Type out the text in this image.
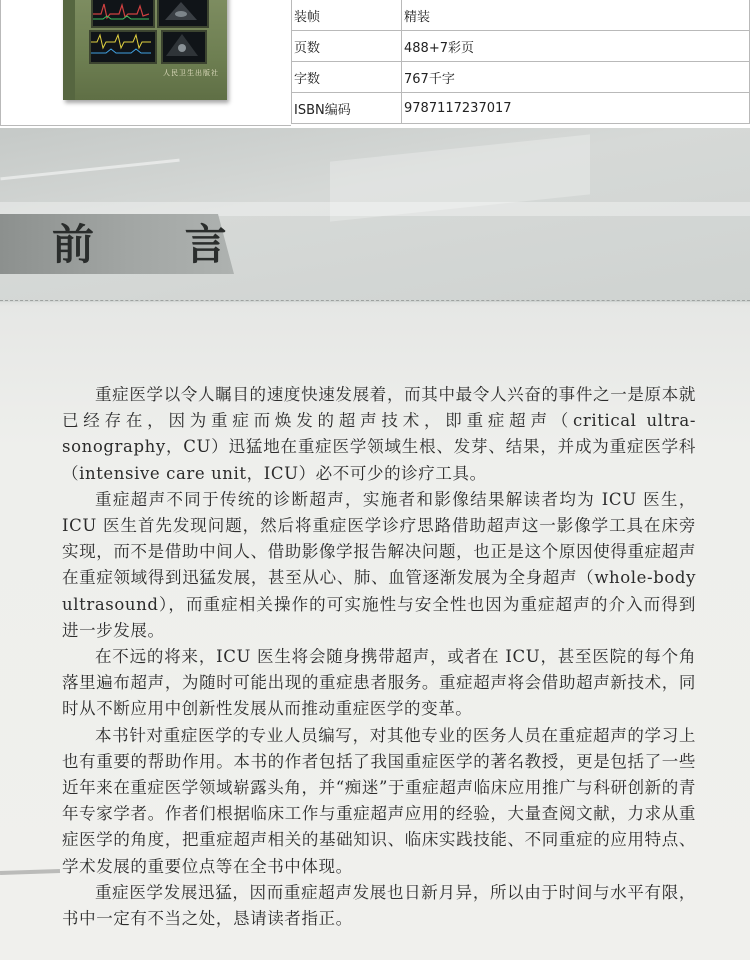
人民卫生出版社
装帧	精装
页数	488+7彩页
字数	767千字
ISBN编码	9787117237017
前 言

重症医学以令人瞩目的速度快速发展着，而其中最令人兴奋的事件之一是原本就已经存在，因为重症而焕发的超声技术，即重症超声（critical ultra-sonography，CU）迅猛地在重症医学领域生根、发芽、结果，并成为重症医学科（intensive care unit，ICU）必不可少的诊疗工具。

重症超声不同于传统的诊断超声，实施者和影像结果解读者均为 ICU 医生，ICU 医生首先发现问题，然后将重症医学诊疗思路借助超声这一影像学工具在床旁实现，而不是借助中间人、借助影像学报告解决问题，也正是这个原因使得重症超声在重症领域得到迅猛发展，甚至从心、肺、血管逐渐发展为全身超声（whole-body ultrasound），而重症相关操作的可实施性与安全性也因为重症超声的介入而得到进一步发展。

在不远的将来，ICU 医生将会随身携带超声，或者在 ICU，甚至医院的每个角落里遍布超声，为随时可能出现的重症患者服务。重症超声将会借助超声新技术，同时从不断应用中创新性发展从而推动重症医学的变革。

本书针对重症医学的专业人员编写，对其他专业的医务人员在重症超声的学习上也有重要的帮助作用。本书的作者包括了我国重症医学的著名教授，更是包括了一些近年来在重症医学领域崭露头角，并“痴迷”于重症超声临床应用推广与科研创新的青年专家学者。作者们根据临床工作与重症超声应用的经验，大量查阅文献，力求从重症医学的角度，把重症超声相关的基础知识、临床实践技能、不同重症的应用特点、学术发展的重要位点等在全书中体现。

重症医学发展迅猛，因而重症超声发展也日新月异，所以由于时间与水平有限，书中一定有不当之处，恳请读者指正。
